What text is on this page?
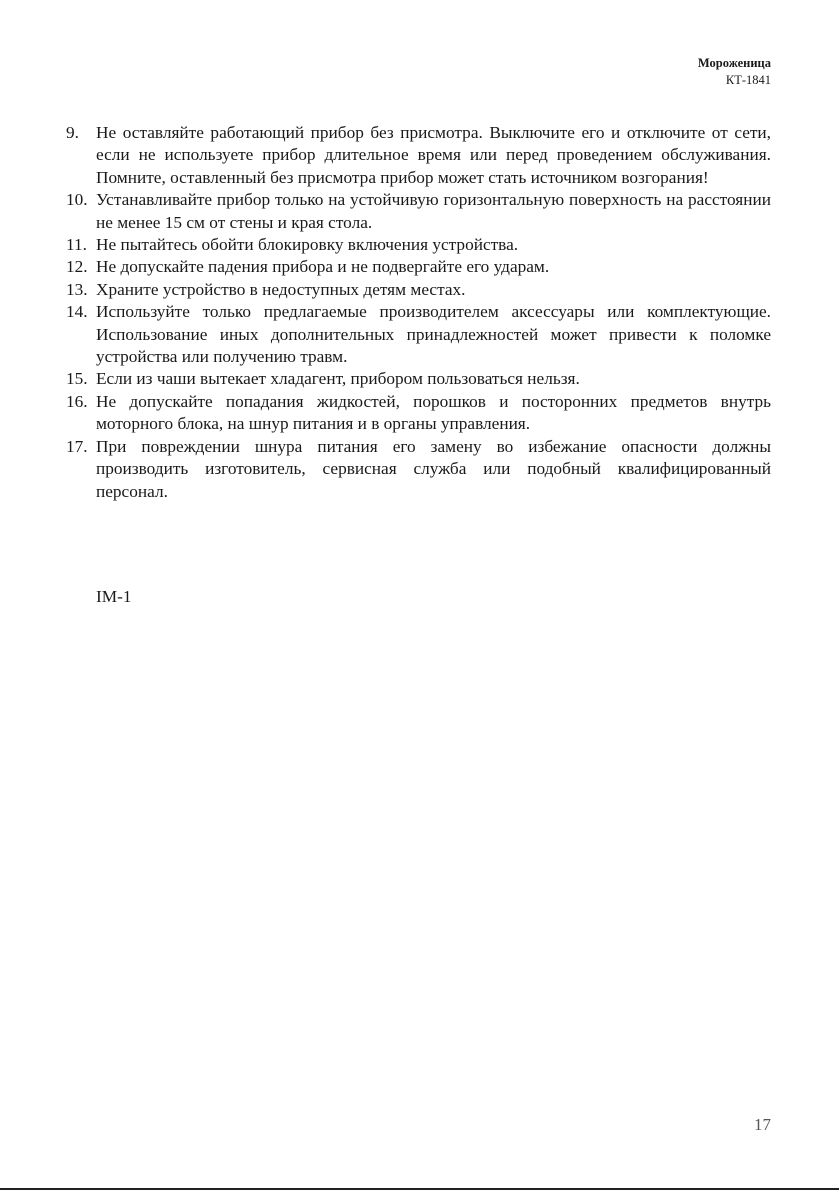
Мороженица
КТ-1841
9. Не оставляйте работающий прибор без присмотра. Выключите его и отключите от сети, если не используете прибор длительное время или перед проведением обслуживания. Помните, оставленный без присмотра прибор может стать источником возгорания!
10. Устанавливайте прибор только на устойчивую горизонтальную поверхность на расстоянии не менее 15 см от стены и края стола.
11. Не пытайтесь обойти блокировку включения устройства.
12. Не допускайте падения прибора и не подвергайте его ударам.
13. Храните устройство в недоступных детям местах.
14. Используйте только предлагаемые производителем аксессуары или комплектующие. Использование иных дополнительных принадлежностей может привести к поломке устройства или получению травм.
15. Если из чаши вытекает хладагент, прибором пользоваться нельзя.
16. Не допускайте попадания жидкостей, порошков и посторонних предметов внутрь моторного блока, на шнур питания и в органы управления.
17. При повреждении шнура питания его замену во избежание опасности должны производить изготовитель, сервисная служба или подобный квалифицированный персонал.
IM-1
17
